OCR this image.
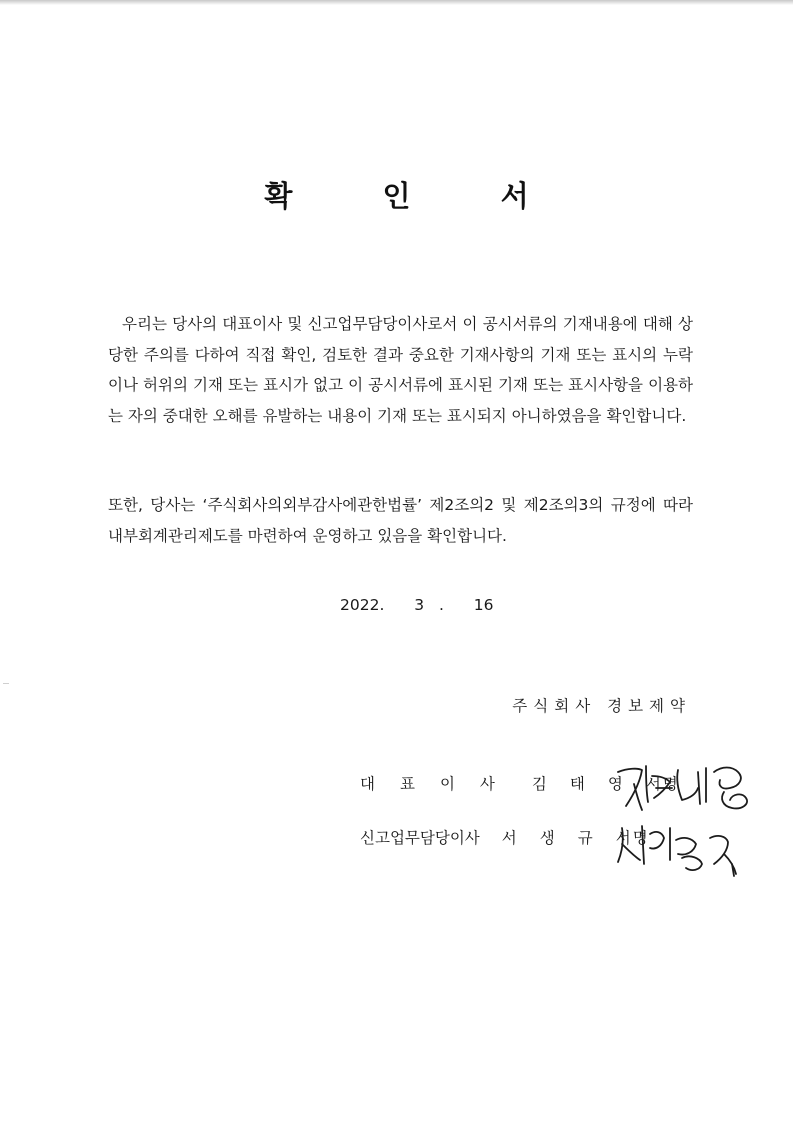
확 인 서

우리는 당사의 대표이사 및 신고업무담당이사로서 이 공시서류의 기재내용에 대해 상당한 주의를 다하여 직접 확인, 검토한 결과 중요한 기재사항의 기재 또는 표시의 누락이나 허위의 기재 또는 표시가 없고 이 공시서류에 표시된 기재 또는 표시사항을 이용하는 자의 중대한 오해를 유발하는 내용이 기재 또는 표시되지 아니하였음을 확인합니다.

또한, 당사는 ‘주식회사의외부감사에관한법률’ 제2조의2 및 제2조의3의 규정에 따라 내부회계관리제도를 마련하여 운영하고 있음을 확인합니다.

2022.  3 .  16
주식회사 경보제약
대표이사 김태영서명
신고업무담당이사 서생규서명
